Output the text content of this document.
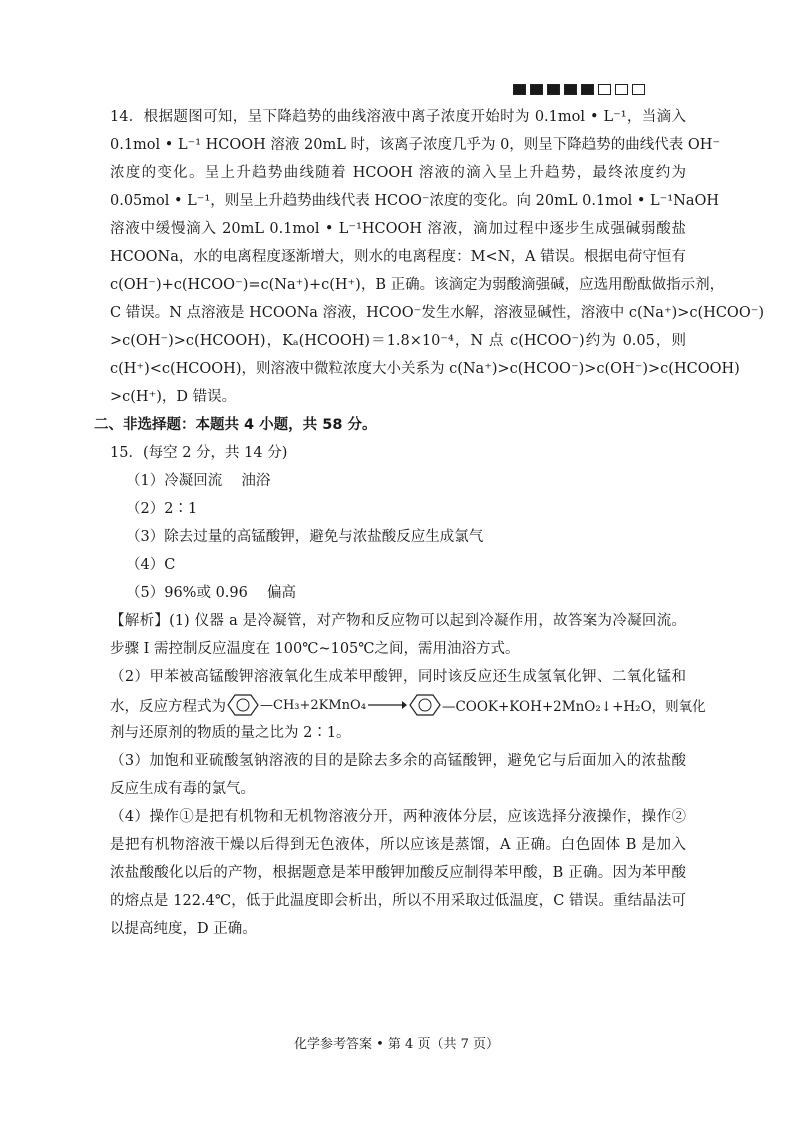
14．根据题图可知，呈下降趋势的曲线溶液中离子浓度开始时为 0.1mol • L⁻¹，当滴入
0.1mol • L⁻¹ HCOOH 溶液 20mL 时，该离子浓度几乎为 0，则呈下降趋势的曲线代表 OH⁻
浓度的变化。呈上升趋势曲线随着 HCOOH 溶液的滴入呈上升趋势，最终浓度约为
0.05mol • L⁻¹，则呈上升趋势曲线代表 HCOO⁻浓度的变化。向 20mL 0.1mol • L⁻¹NaOH
溶液中缓慢滴入 20mL 0.1mol • L⁻¹HCOOH 溶液，滴加过程中逐步生成强碱弱酸盐
HCOONa，水的电离程度逐渐增大，则水的电离程度：M<N，A 错误。根据电荷守恒有
c(OH⁻)+c(HCOO⁻)=c(Na⁺)+c(H⁺)，B 正确。该滴定为弱酸滴强碱，应选用酚酞做指示剂，
C 错误。N 点溶液是 HCOONa 溶液，HCOO⁻发生水解，溶液显碱性，溶液中 c(Na⁺)>c(HCOO⁻)
>c(OH⁻)>c(HCOOH)，Kₐ(HCOOH)＝1.8×10⁻⁴，N 点 c(HCOO⁻)约为 0.05，则
c(H⁺)<c(HCOOH)，则溶液中微粒浓度大小关系为 c(Na⁺)>c(HCOO⁻)>c(OH⁻)>c(HCOOH)
>c(H⁺)，D 错误。
二、非选择题：本题共 4 小题，共 58 分。
15．(每空 2 分，共 14 分)
（1）冷凝回流　 油浴
（2）2∶1
（3）除去过量的高锰酸钾，避免与浓盐酸反应生成氯气
（4）C
（5）96%或 0.96　 偏高
【解析】(1) 仪器 a 是冷凝管，对产物和反应物可以起到冷凝作用，故答案为冷凝回流。
步骤 I 需控制反应温度在 100℃~105℃之间，需用油浴方式。
（2）甲苯被高锰酸钾溶液氧化生成苯甲酸钾，同时该反应还生成氢氧化钾、二氧化锰和
水，反应方程式为	—CH₃+2KMnO₄ →	—COOK+KOH+2MnO₂↓+H₂O，则氧化
剂与还原剂的物质的量之比为 2∶1。
（3）加饱和亚硫酸氢钠溶液的目的是除去多余的高锰酸钾，避免它与后面加入的浓盐酸
反应生成有毒的氯气。
（4）操作①是把有机物和无机物溶液分开，两种液体分层，应该选择分液操作，操作②
是把有机物溶液干燥以后得到无色液体，所以应该是蒸馏，A 正确。白色固体 B 是加入
浓盐酸酸化以后的产物，根据题意是苯甲酸钾加酸反应制得苯甲酸，B 正确。因为苯甲酸
的熔点是 122.4℃，低于此温度即会析出，所以不用采取过低温度，C 错误。重结晶法可
以提高纯度，D 正确。
化学参考答案 • 第 4 页（共 7 页）
